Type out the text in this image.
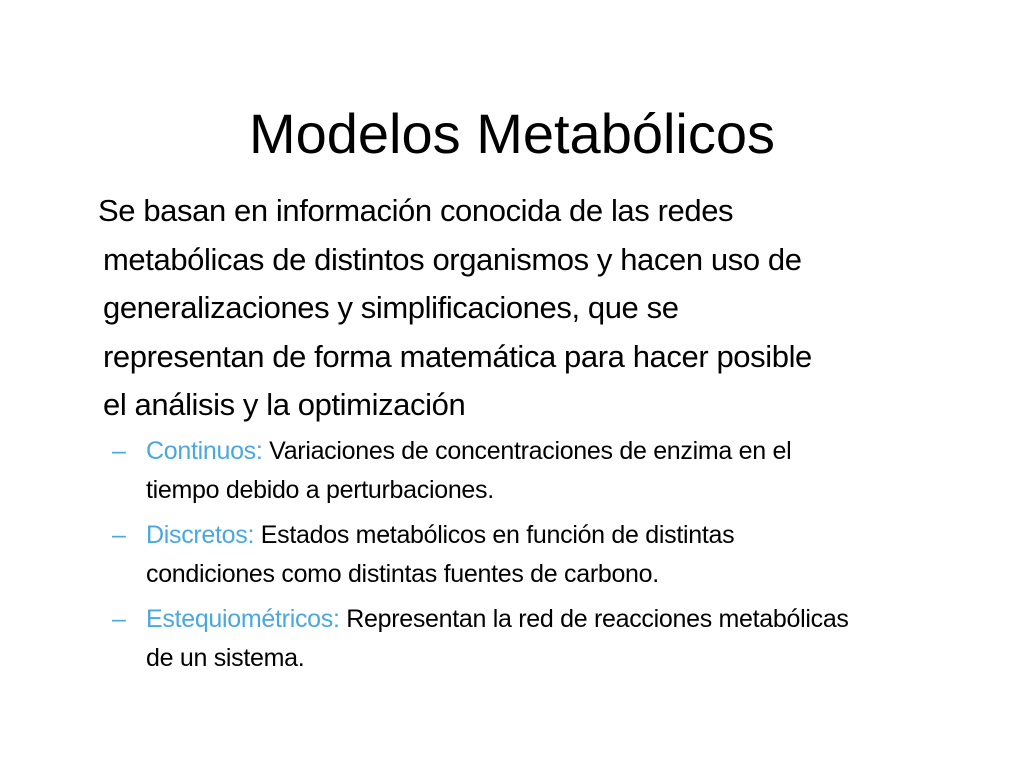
Modelos Metabólicos

Se basan en información conocida de las redes
metabólicas de distintos organismos y hacen uso de
generalizaciones y simplificaciones, que se
representan de forma matemática para hacer posible
el análisis y la optimización

– Continuos: Variaciones de concentraciones de enzima en el
tiempo debido a perturbaciones.
– Discretos: Estados metabólicos en función de distintas
condiciones como distintas fuentes de carbono.
– Estequiométricos: Representan la red de reacciones metabólicas
de un sistema.
